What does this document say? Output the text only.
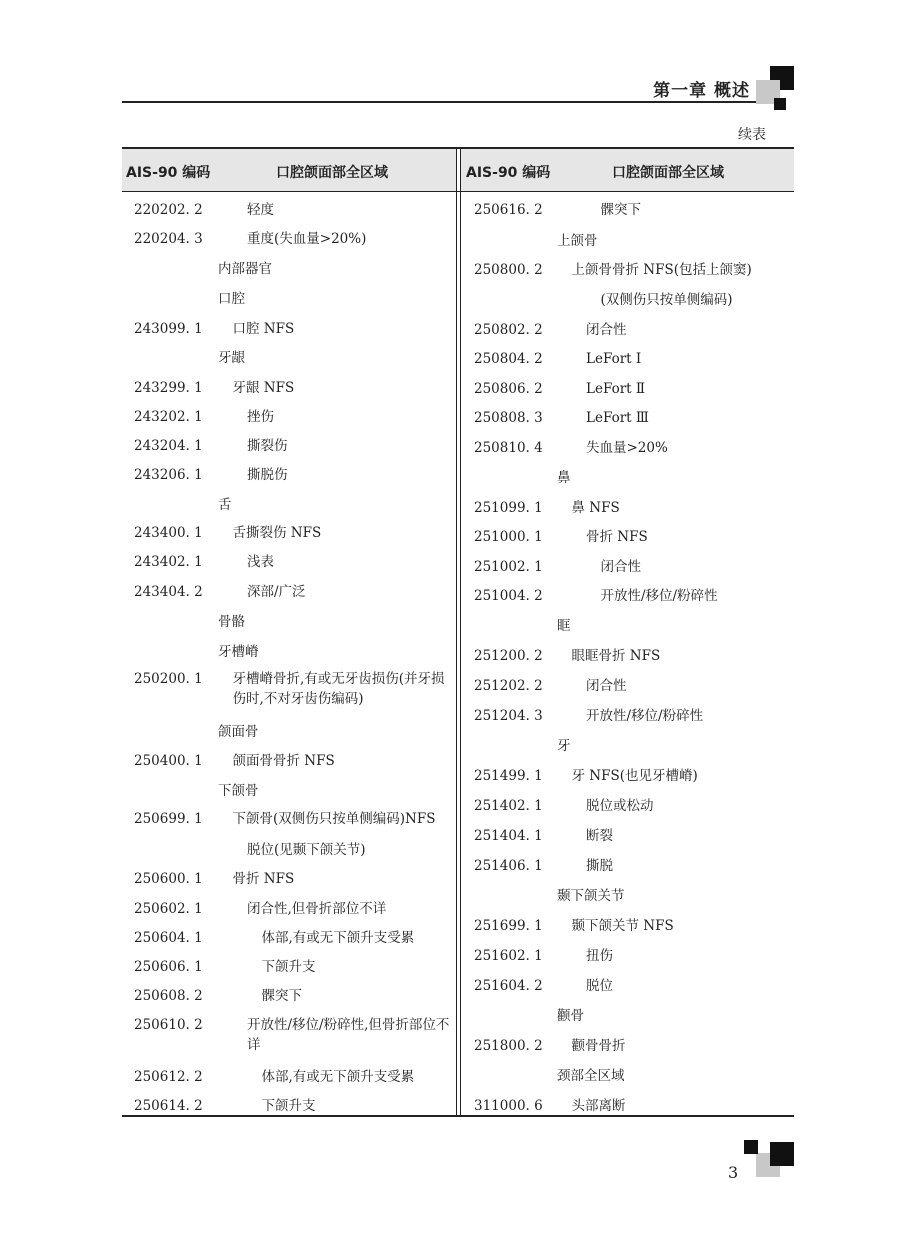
第一章 概述
续表
AIS-90 编码	口腔颌面部全区域	AIS-90 编码	口腔颌面部全区域
220202. 2	轻度
220204. 3	重度(失血量>20%)
内部器官
口腔
243099. 1	口腔 NFS
牙龈
243299. 1	牙龈 NFS
243202. 1	挫伤
243204. 1	撕裂伤
243206. 1	撕脱伤
舌
243400. 1	舌撕裂伤 NFS
243402. 1	浅表
243404. 2	深部/广泛
骨骼
牙槽嵴
250200. 1	牙槽嵴骨折,有或无牙齿损伤(并牙损伤时,不对牙齿伤编码)
颌面骨
250400. 1	颌面骨骨折 NFS
下颌骨
250699. 1	下颌骨(双侧伤只按单侧编码)NFS
脱位(见颞下颌关节)
250600. 1	骨折 NFS
250602. 1	闭合性,但骨折部位不详
250604. 1	体部,有或无下颌升支受累
250606. 1	下颌升支
250608. 2	髁突下
250610. 2	开放性/移位/粉碎性,但骨折部位不详
250612. 2	体部,有或无下颌升支受累
250614. 2	下颌升支
250616. 2	髁突下
上颌骨
250800. 2	上颌骨骨折 NFS(包括上颌窦)
(双侧伤只按单侧编码)
250802. 2	闭合性
250804. 2	LeFort Ⅰ
250806. 2	LeFort Ⅱ
250808. 3	LeFort Ⅲ
250810. 4	失血量>20%
鼻
251099. 1	鼻 NFS
251000. 1	骨折 NFS
251002. 1	闭合性
251004. 2	开放性/移位/粉碎性
眶
251200. 2	眼眶骨折 NFS
251202. 2	闭合性
251204. 3	开放性/移位/粉碎性
牙
251499. 1	牙 NFS(也见牙槽嵴)
251402. 1	脱位或松动
251404. 1	断裂
251406. 1	撕脱
颞下颌关节
251699. 1	颞下颌关节 NFS
251602. 1	扭伤
251604. 2	脱位
颧骨
251800. 2	颧骨骨折
颈部全区域
311000. 6	头部离断
3
